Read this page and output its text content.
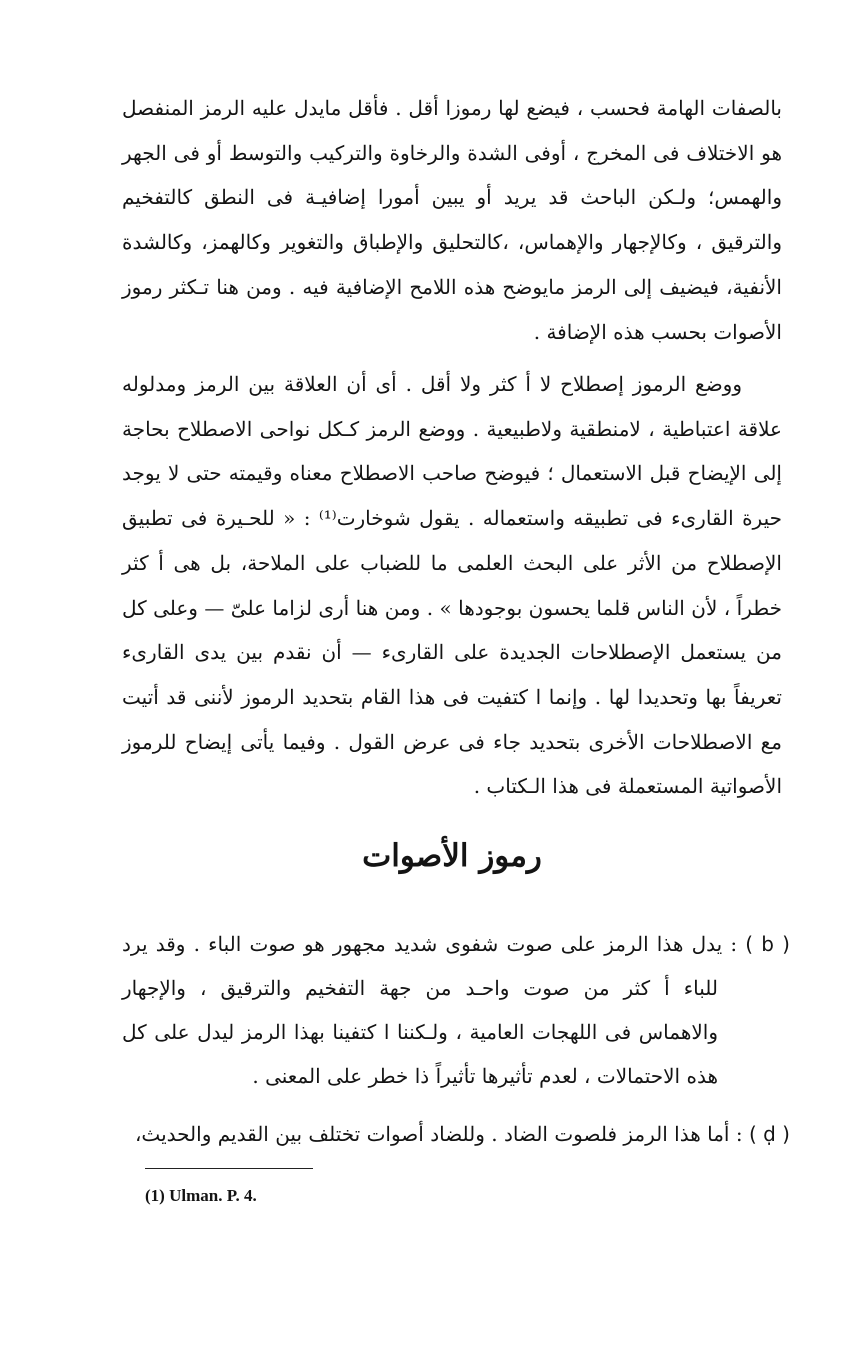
بالصفات الهامة فحسب ، فيضع لها رموزا أقل . فأقل مايدل عليه الرمز المنفصل هو الاختلاف فى المخرج ، أوفى الشدة والرخاوة والتركيب والتوسط أو فى الجهر والهمس؛ ولـكن الباحث قد يريد أو يبين أمورا إضافيـة فى النطق كالتفخيم والترقيق ، وكالإجهار والإهماس، ،كالتحليق والإطباق والتغوير وكالهمز، وكالشدة الأنفية، فيضيف إلى الرمز مايوضح هذه اللامح الإضافية فيه . ومن هنا تـكثر رموز الأصوات بحسب هذه الإضافة .
ووضع الرموز إصطلاح لا أ كثر ولا أقل . أى أن العلاقة بين الرمز ومدلوله علاقة اعتباطية ، لامنطقية ولاطبيعية . ووضع الرمز كـكل نواحى الاصطلاح بحاجة إلى الإيضاح قبل الاستعمال ؛ فيوضح صاحب الاصطلاح معناه وقيمته حتى لا يوجد حيرة القارىء فى تطبيقه واستعماله . يقول شوخارت⁽¹⁾ : « للحـيرة فى تطبيق الإصطلاح من الأثر على البحث العلمى ما للضباب على الملاحة، بل هى أ كثر خطراً ، لأن الناس قلما يحسون بوجودها » . ومن هنا أرى لزاما علىّ — وعلى كل من يستعمل الإصطلاحات الجديدة على القارىء — أن نقدم بين يدى القارىء تعريفاً بها وتحديدا لها . وإنما ا كتفيت فى هذا القام بتحديد الرموز لأننى قد أتيت مع الاصطلاحات الأخرى بتحديد جاء فى عرض القول . وفيما يأتى إيضاح للرموز الأصواتية المستعملة فى هذا الـكتاب .
رموز الأصوات
( b ) : يدل هذا الرمز على صوت شفوى شديد مجهور هو صوت الباء . وقد يرد للباء أ كثر من صوت واحـد من جهة التفخيم والترقيق ، والإجهار والاهماس فى اللهجات العامية ، ولـكننا ا كتفينا بهذا الرمز ليدل على كل هذه الاحتمالات ، لعدم تأثيرها تأثيراً ذا خطر على المعنى .
( ḍ ) : أما هذا الرمز فلصوت الضاد . وللضاد أصوات تختلف بين القديم والحديث،
(1) Ulman. P. 4.
